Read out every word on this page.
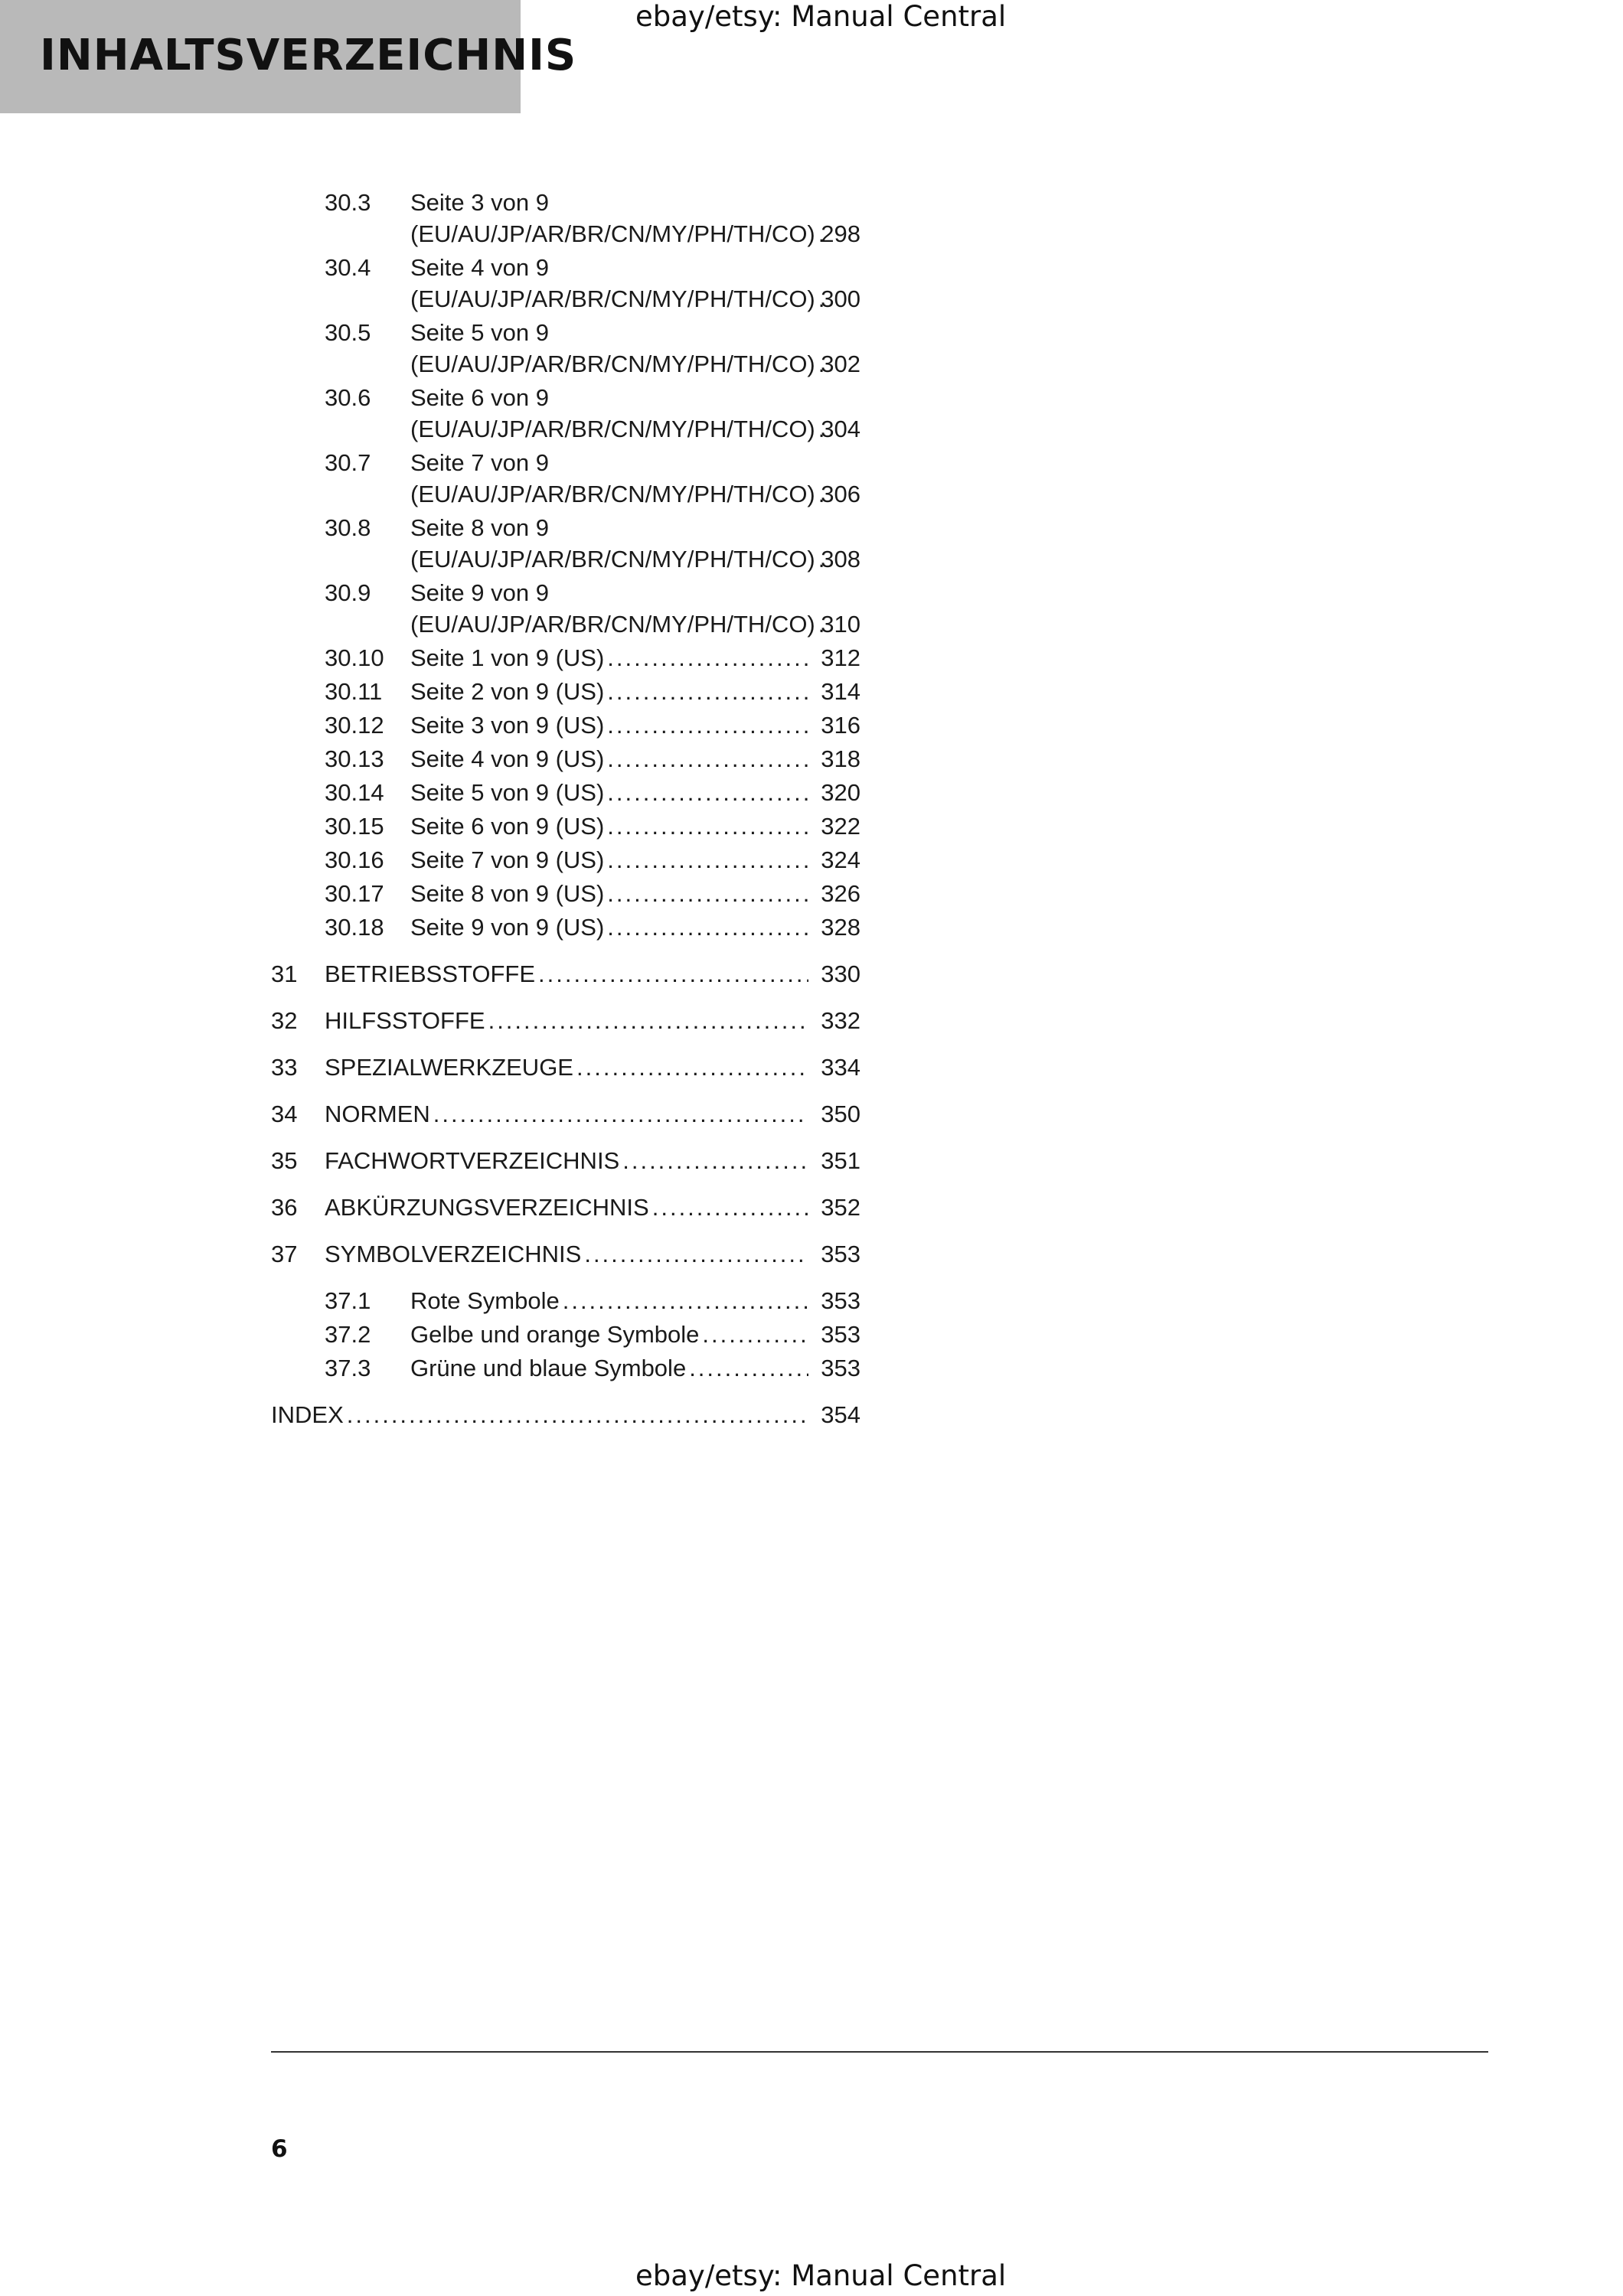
INHALTSVERZEICHNIS
ebay/etsy: Manual Central
30.3	Seite 3 von 9
(EU/AU/JP/AR/BR/CN/MY/PH/TH/CO) ..... 298
30.4	Seite 4 von 9
(EU/AU/JP/AR/BR/CN/MY/PH/TH/CO) ..... 300
30.5	Seite 5 von 9
(EU/AU/JP/AR/BR/CN/MY/PH/TH/CO) ..... 302
30.6	Seite 6 von 9
(EU/AU/JP/AR/BR/CN/MY/PH/TH/CO) ..... 304
30.7	Seite 7 von 9
(EU/AU/JP/AR/BR/CN/MY/PH/TH/CO) ..... 306
30.8	Seite 8 von 9
(EU/AU/JP/AR/BR/CN/MY/PH/TH/CO) ..... 308
30.9	Seite 9 von 9
(EU/AU/JP/AR/BR/CN/MY/PH/TH/CO) ..... 310
30.10	Seite 1 von 9 (US) .....	312
30.11	Seite 2 von 9 (US) .....	314
30.12	Seite 3 von 9 (US) .....	316
30.13	Seite 4 von 9 (US) .....	318
30.14	Seite 5 von 9 (US) .....	320
30.15	Seite 6 von 9 (US) .....	322
30.16	Seite 7 von 9 (US) .....	324
30.17	Seite 8 von 9 (US) .....	326
30.18	Seite 9 von 9 (US) .....	328
31	BETRIEBSSTOFFE .....	330
32	HILFSSTOFFE .....	332
33	SPEZIALWERKZEUGE .....	334
34	NORMEN .....	350
35	FACHWORTVERZEICHNIS .....	351
36	ABKÜRZUNGSVERZEICHNIS .....	352
37	SYMBOLVERZEICHNIS .....	353
37.1	Rote Symbole .....	353
37.2	Gelbe und orange Symbole .....	353
37.3	Grüne und blaue Symbole .....	353
INDEX .....	354
6
ebay/etsy: Manual Central
